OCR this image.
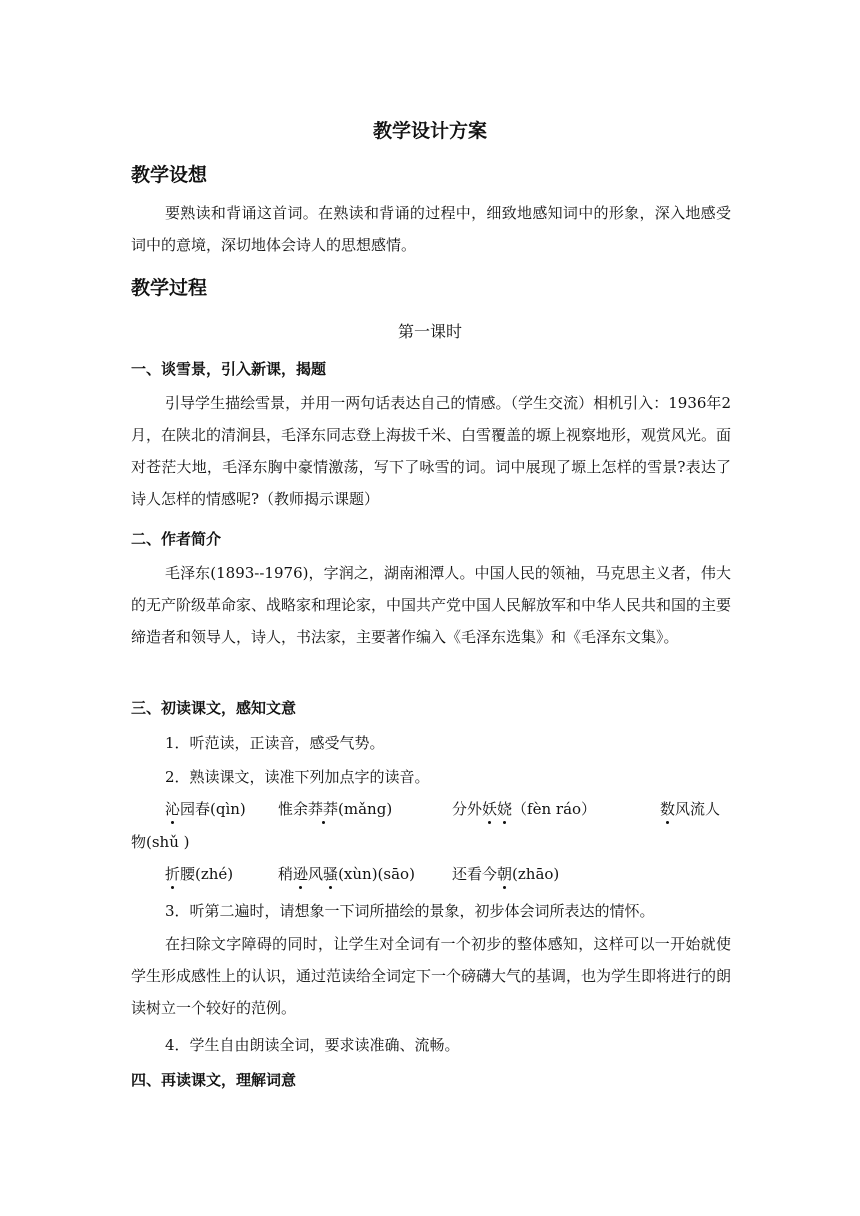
教学设计方案
教学设想
要熟读和背诵这首词。在熟读和背诵的过程中，细致地感知词中的形象，深入地感受词中的意境，深切地体会诗人的思想感情。
教学过程
第一课时
一、谈雪景，引入新课，揭题
引导学生描绘雪景，并用一两句话表达自己的情感。（学生交流）相机引入：1936年2月，在陕北的清涧县，毛泽东同志登上海拔千米、白雪覆盖的塬上视察地形，观赏风光。面对苍茫大地，毛泽东胸中豪情激荡，写下了咏雪的词。词中展现了塬上怎样的雪景?表达了诗人怎样的情感呢?（教师揭示课题）
二、作者简介
毛泽东(1893--1976)，字润之，湖南湘潭人。中国人民的领袖，马克思主义者，伟大的无产阶级革命家、战略家和理论家，中国共产党中国人民解放军和中华人民共和国的主要缔造者和领导人，诗人，书法家，主要著作编入《毛泽东选集》和《毛泽东文集》。
三、初读课文，感知文意
1．听范读，正读音，感受气势。
2．熟读课文，读准下列加点字的读音。
沁园春(qìn) 惟余莽莽(mǎng)	分外妖娆（fèn ráo）	数风流人
物(shǔ )
折腰(zhé)	稍逊风骚(xùn)(sāo) 还看今朝(zhāo)
3．听第二遍时，请想象一下词所描绘的景象，初步体会词所表达的情怀。
在扫除文字障碍的同时，让学生对全词有一个初步的整体感知，这样可以一开始就使学生形成感性上的认识，通过范读给全词定下一个磅礴大气的基调，也为学生即将进行的朗读树立一个较好的范例。
4．学生自由朗读全词，要求读准确、流畅。
四、再读课文，理解词意
